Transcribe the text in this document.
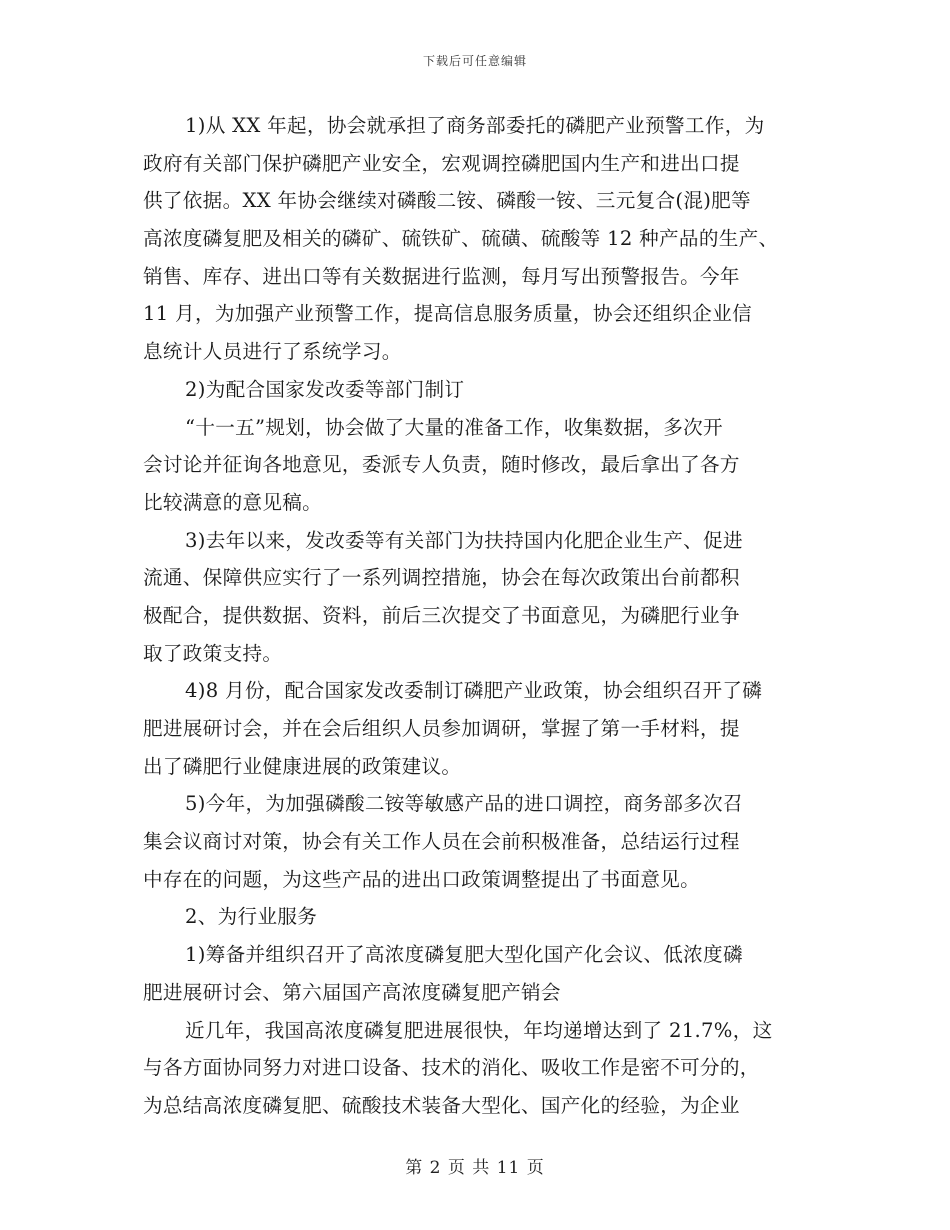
下载后可任意编辑
1)从 XX 年起，协会就承担了商务部委托的磷肥产业预警工作，为
政府有关部门保护磷肥产业安全，宏观调控磷肥国内生产和进出口提
供了依据。XX 年协会继续对磷酸二铵、磷酸一铵、三元复合(混)肥等
高浓度磷复肥及相关的磷矿、硫铁矿、硫磺、硫酸等 12 种产品的生产、
销售、库存、进出口等有关数据进行监测，每月写出预警报告。今年
11 月，为加强产业预警工作，提高信息服务质量，协会还组织企业信
息统计人员进行了系统学习。
2)为配合国家发改委等部门制订
“十一五”规划，协会做了大量的准备工作，收集数据，多次开
会讨论并征询各地意见，委派专人负责，随时修改，最后拿出了各方
比较满意的意见稿。
3)去年以来，发改委等有关部门为扶持国内化肥企业生产、促进
流通、保障供应实行了一系列调控措施，协会在每次政策出台前都积
极配合，提供数据、资料，前后三次提交了书面意见，为磷肥行业争
取了政策支持。
4)8 月份，配合国家发改委制订磷肥产业政策，协会组织召开了磷
肥进展研讨会，并在会后组织人员参加调研，掌握了第一手材料，提
出了磷肥行业健康进展的政策建议。
5)今年，为加强磷酸二铵等敏感产品的进口调控，商务部多次召
集会议商讨对策，协会有关工作人员在会前积极准备，总结运行过程
中存在的问题，为这些产品的进出口政策调整提出了书面意见。
2、为行业服务
1)筹备并组织召开了高浓度磷复肥大型化国产化会议、低浓度磷
肥进展研讨会、第六届国产高浓度磷复肥产销会
近几年，我国高浓度磷复肥进展很快，年均递增达到了 21.7%，这
与各方面协同努力对进口设备、技术的消化、吸收工作是密不可分的，
为总结高浓度磷复肥、硫酸技术装备大型化、国产化的经验，为企业
第 2 页 共 11 页
